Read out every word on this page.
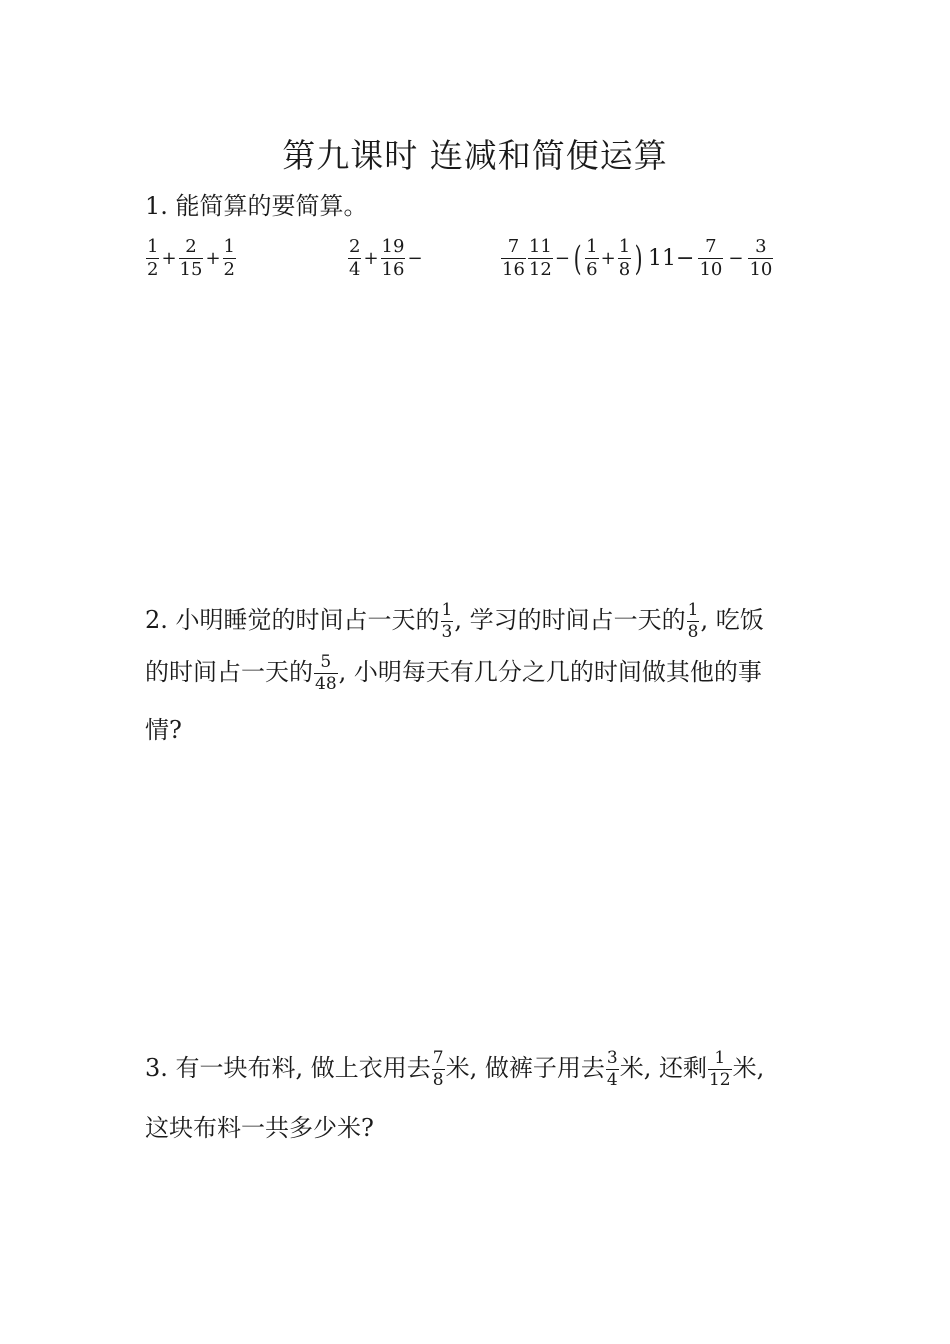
第九课时 连减和简便运算
1. 能简算的要简算。
$\frac{1}{2} + \frac{2}{15} + \frac{1}{2}$	$\frac{2}{4} + \frac{19}{16}$ −	$\frac{7}{16} \frac{11}{12}$ − ( $\frac{1}{6} + \frac{1}{8}$ ) $11- \frac{7}{10} - \frac{3}{10}$
2. 小明睡觉的时间占一天的 $\frac{1}{3}$ , 学习的时间占一天的 $\frac{1}{8}$ , 吃饭
的时间占一天的 $\frac{5}{48}$ , 小明每天有几分之几的时间做其他的事
情?
3. 有一块布料, 做上衣用去 $\frac{7}{8}$ 米, 做裤子用去 $\frac{3}{4}$ 米, 还剩 $\frac{1}{12}$ 米,
这块布料一共多少米?
